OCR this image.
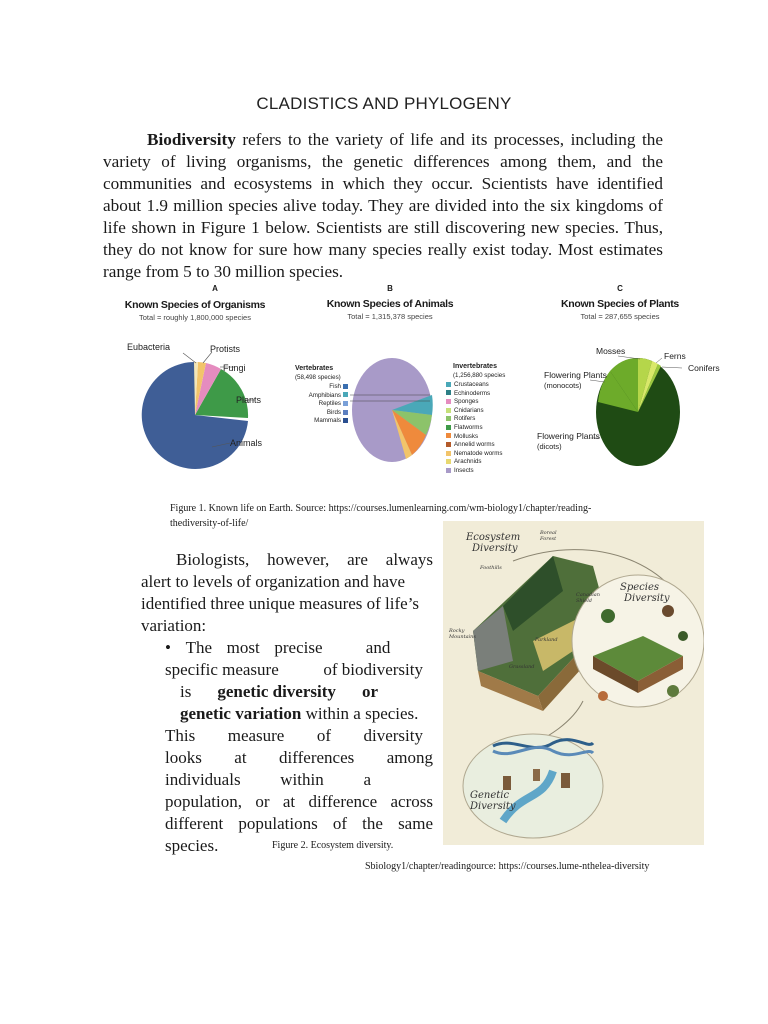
CLADISTICS AND PHYLOGENY
Biodiversity refers to the variety of life and its processes, including the variety of living organisms, the genetic differences among them, and the communities and ecosystems in which they occur. Scientists have identified about 1.9 million species alive today. They are divided into the six kingdoms of life shown in Figure 1 below. Scientists are still discovering new species. Thus, they do not know for sure how many species really exist today. Most estimates range from 5 to 30 million species.
A
Known Species of Organisms
Total = roughly 1,800,000 species
Eubacteria	Protists
Fungi
Plants
Animals
B
Known Species of Animals
Total = 1,315,378 species
Vertebrates
(58,498 species)
Fish
Amphibians
Reptiles
Birds
Mammals
Invertebrates
(1,256,880 species
Crustaceans
Echinoderms
Sponges
Cnidarians
Rotifers
Flatworms
Mollusks
Annelid worms
Nematode worms
Arachnids
Insects
C
Known Species of Plants
Total = 287,655 species
Mosses	Ferns
Conifers
Flowering Plants
(monocots)
Flowering Plants
(dicots)
Figure 1. Known life on Earth. Source: https://courses.lumenlearning.com/wm-biology1/chapter/reading-
thediversity-of-life/
Biologists, however, are always
alert to levels of organization and have
identified three unique measures of life’s
variation:
• The most precise	and
specific measure	of biodiversity
is genetic diversity or
genetic variation within a species.
This measure of diversity
looks at differences among
individuals within a
population, or at difference across
different populations of the same
species.	Figure 2. Ecosystem diversity.
Ecosystem
Diversity
Boreal
Forest
Foothills
Canadian
Shield
Species
Diversity
Rocky
Mountains	Parkland
Grassland
Genetic
Diversity
Sbiology1/chapter/readingource: https://courses.lume-nthelea-diversity
